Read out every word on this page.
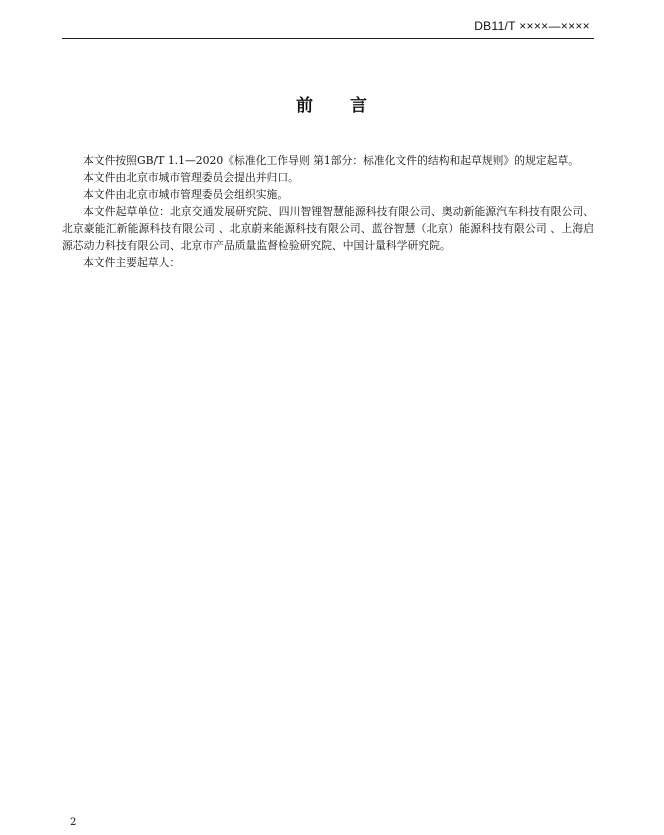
DB11/T ××××—××××
前 言

本文件按照GB/T 1.1—2020《标准化工作导则 第1部分：标准化文件的结构和起草规则》的规定起草。

本文件由北京市城市管理委员会提出并归口。

本文件由北京市城市管理委员会组织实施。

本文件起草单位：北京交通发展研究院、四川智锂智慧能源科技有限公司、奥动新能源汽车科技有限公司、北京豪能汇新能源科技有限公司 、北京蔚来能源科技有限公司、蓝谷智慧（北京）能源科技有限公司 、上海启源芯动力科技有限公司、北京市产品质量监督检验研究院、中国计量科学研究院。

本文件主要起草人：

2
